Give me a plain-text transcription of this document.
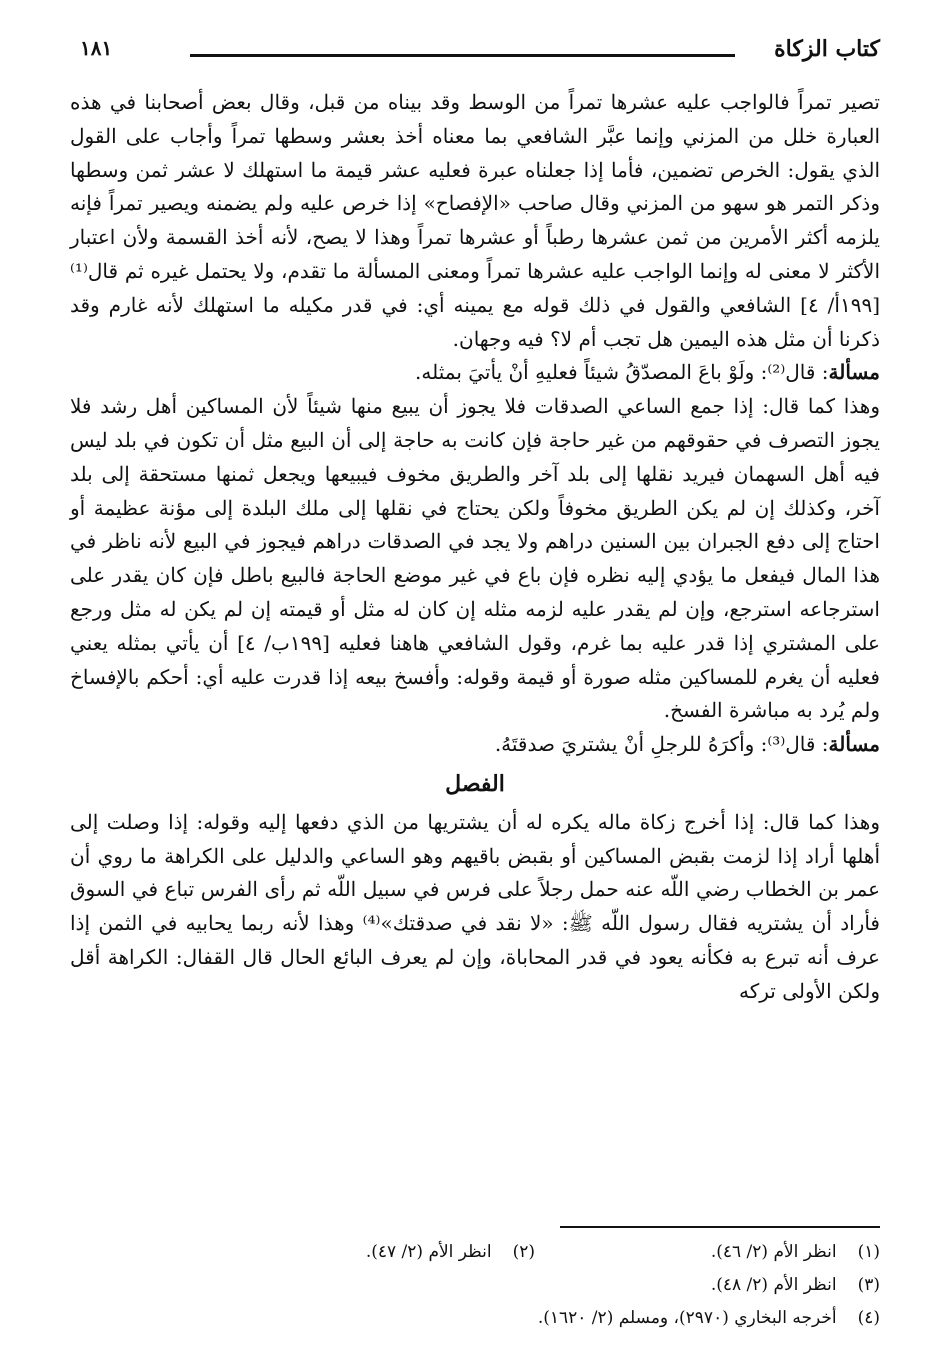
كتاب الزكاة
١٨١

تصير تمراً فالواجب عليه عشرها تمراً من الوسط وقد بيناه من قبل، وقال بعض أصحابنا في هذه العبارة خلل من المزني وإنما عبَّر الشافعي بما معناه أخذ بعشر وسطها تمراً وأجاب على القول الذي يقول: الخرص تضمين، فأما إذا جعلناه عبرة فعليه عشر قيمة ما استهلك لا عشر ثمن وسطها وذكر التمر هو سهو من المزني وقال صاحب «الإفصاح» إذا خرص عليه ولم يضمنه ويصير تمراً فإنه يلزمه أكثر الأمرين من ثمن عشرها رطباً أو عشرها تمراً وهذا لا يصح، لأنه أخذ القسمة ولأن اعتبار الأكثر لا معنى له وإنما الواجب عليه عشرها تمراً ومعنى المسألة ما تقدم، ولا يحتمل غيره ثم قال⁽¹⁾ [١٩٩أ/ ٤] الشافعي والقول في ذلك قوله مع يمينه أي: في قدر مكيله ما استهلك لأنه غارم وقد ذكرنا أن مثل هذه اليمين هل تجب أم لا؟ فيه وجهان.

مسألة: قال⁽²⁾: ولَوْ باعَ المصدّقُ شيئاً فعليهِ أنْ يأتيَ بمثله.

وهذا كما قال: إذا جمع الساعي الصدقات فلا يجوز أن يبيع منها شيئاً لأن المساكين أهل رشد فلا يجوز التصرف في حقوقهم من غير حاجة فإن كانت به حاجة إلى أن البيع مثل أن تكون في بلد ليس فيه أهل السهمان فيريد نقلها إلى بلد آخر والطريق مخوف فيبيعها ويجعل ثمنها مستحقة إلى بلد آخر، وكذلك إن لم يكن الطريق مخوفاً ولكن يحتاج في نقلها إلى ملك البلدة إلى مؤنة عظيمة أو احتاج إلى دفع الجبران بين السنين دراهم ولا يجد في الصدقات دراهم فيجوز في البيع لأنه ناظر في هذا المال فيفعل ما يؤدي إليه نظره فإن باع في غير موضع الحاجة فالبيع باطل فإن كان يقدر على استرجاعه استرجع، وإن لم يقدر عليه لزمه مثله إن كان له مثل أو قيمته إن لم يكن له مثل ورجع على المشتري إذا قدر عليه بما غرم، وقول الشافعي هاهنا فعليه [١٩٩ب/ ٤] أن يأتي بمثله يعني فعليه أن يغرم للمساكين مثله صورة أو قيمة وقوله: وأفسخ بيعه إذا قدرت عليه أي: أحكم بالإفساخ ولم يُرد به مباشرة الفسخ.

مسألة: قال⁽³⁾: وأكرَهُ للرجلِ أنْ يشتريَ صدقتَهُ.

الفصل

وهذا كما قال: إذا أخرج زكاة ماله يكره له أن يشتريها من الذي دفعها إليه وقوله: إذا وصلت إلى أهلها أراد إذا لزمت بقبض المساكين أو بقبض باقيهم وهو الساعي والدليل على الكراهة ما روي أن عمر بن الخطاب رضي اللّه عنه حمل رجلاً على فرس في سبيل اللّه ثم رأى الفرس تباع في السوق فأراد أن يشتريه فقال رسول اللّه ﷺ: «لا نقد في صدقتك»⁽⁴⁾ وهذا لأنه ربما يحابيه في الثمن إذا عرف أنه تبرع به فكأنه يعود في قدر المحاباة، وإن لم يعرف البائع الحال قال القفال: الكراهة أقل ولكن الأولى تركه

(١) انظر الأم (٢/ ٤٦).(٢) انظر الأم (٢/ ٤٧).
(٣) انظر الأم (٢/ ٤٨).
(٤) أخرجه البخاري (٢٩٧٠)، ومسلم (٢/ ١٦٢٠).
